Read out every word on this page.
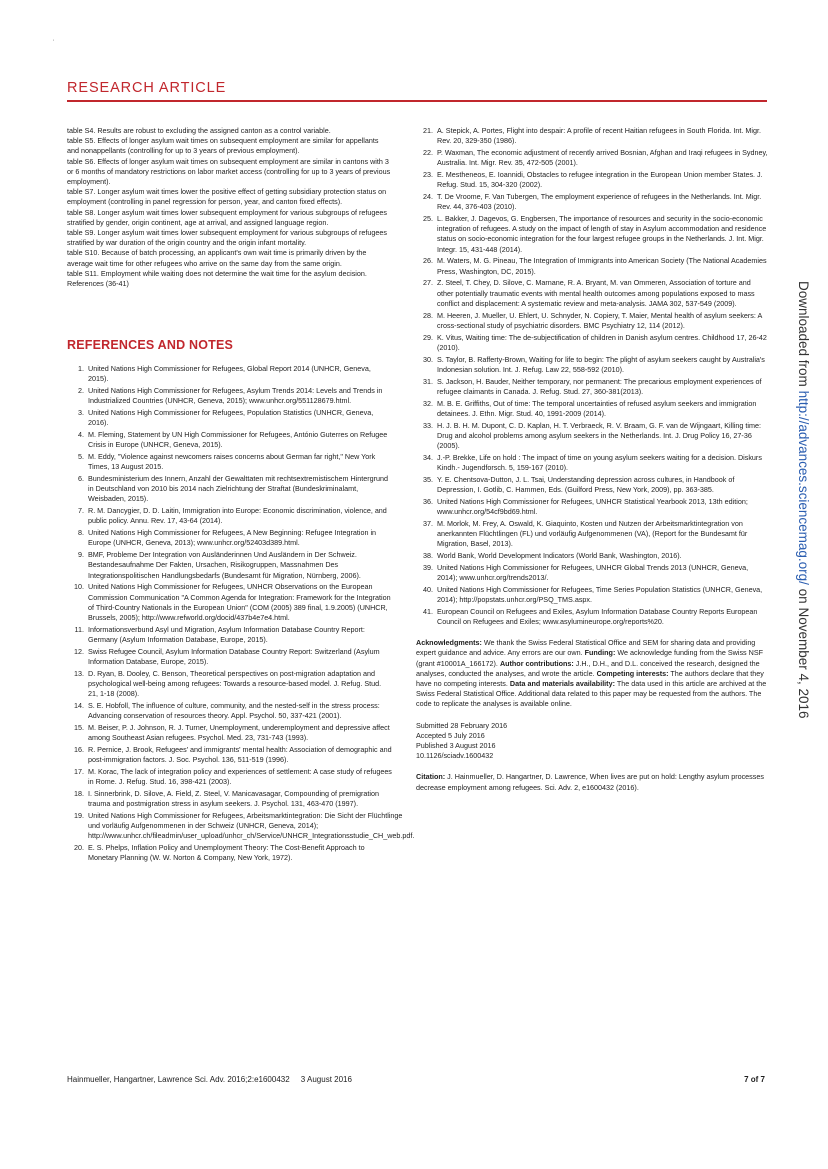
'
RESEARCH ARTICLE

table S4. Results are robust to excluding the assigned canton as a control variable.

table S5. Effects of longer asylum wait times on subsequent employment are similar for appellants and nonappellants (controlling for up to 3 years of previous employment).

table S6. Effects of longer asylum wait times on subsequent employment are similar in cantons with 3 or 6 months of mandatory restrictions on labor market access (controlling for up to 3 years of previous employment).

table S7. Longer asylum wait times lower the positive effect of getting subsidiary protection status on employment (controlling in panel regression for person, year, and canton fixed effects).

table S8. Longer asylum wait times lower subsequent employment for various subgroups of refugees stratified by gender, origin continent, age at arrival, and assigned language region.

table S9. Longer asylum wait times lower subsequent employment for various subgroups of refugees stratified by war duration of the origin country and the origin infant mortality.

table S10. Because of batch processing, an applicant's own wait time is primarily driven by the average wait time for other refugees who arrive on the same day from the same origin.

table S11. Employment while waiting does not determine the wait time for the asylum decision.

References (36-41)

REFERENCES AND NOTES
1. United Nations High Commissioner for Refugees, Global Report 2014 (UNHCR, Geneva, 2015).
2. United Nations High Commissioner for Refugees, Asylum Trends 2014: Levels and Trends in Industrialized Countries (UNHCR, Geneva, 2015); www.unhcr.org/551128679.html.
3. United Nations High Commissioner for Refugees, Population Statistics (UNHCR, Geneva, 2016).
4. M. Fleming, Statement by UN High Commissioner for Refugees, António Guterres on Refugee Crisis in Europe (UNHCR, Geneva, 2015).
5. M. Eddy, "Violence against newcomers raises concerns about German far right," New York Times, 13 August 2015.
6. Bundesministerium des Innern, Anzahl der Gewalttaten mit rechtsextremistischem Hintergrund in Deutschland von 2010 bis 2014 nach Zielrichtung der Straftat (Bundeskriminalamt, Weisbaden, 2015).
7. R. M. Dancygier, D. D. Laitin, Immigration into Europe: Economic discrimination, violence, and public policy. Annu. Rev. 17, 43-64 (2014).
8. United Nations High Commissioner for Refugees, A New Beginning: Refugee Integration in Europe (UNHCR, Geneva, 2013); www.unhcr.org/52403d389.html.
9. BMF, Probleme Der Integration von Ausländerinnen Und Ausländern in Der Schweiz. Bestandesaufnahme Der Fakten, Ursachen, Risikogruppen, Massnahmen Des Integrationspolitischen Handlungsbedarfs (Bundesamt für Migration, Nürnberg, 2006).
10. United Nations High Commissioner for Refugees, UNHCR Observations on the European Commission Communication "A Common Agenda for Integration: Framework for the Integration of Third-Country Nationals in the European Union" (COM (2005) 389 final, 1.9.2005) (UNHCR, Brussels, 2005); http://www.refworld.org/docid/437b4e7e4.html.
11. Informationsverbund Asyl und Migration, Asylum Information Database Country Report: Germany (Asylum Information Database, Europe, 2015).
12. Swiss Refugee Council, Asylum Information Database Country Report: Switzerland (Asylum Information Database, Europe, 2015).
13. D. Ryan, B. Dooley, C. Benson, Theoretical perspectives on post-migration adaptation and psychological well-being among refugees: Towards a resource-based model. J. Refug. Stud. 21, 1-18 (2008).
14. S. E. Hobfoll, The influence of culture, community, and the nested-self in the stress process: Advancing conservation of resources theory. Appl. Psychol. 50, 337-421 (2001).
15. M. Beiser, P. J. Johnson, R. J. Turner, Unemployment, underemployment and depressive affect among Southeast Asian refugees. Psychol. Med. 23, 731-743 (1993).
16. R. Pernice, J. Brook, Refugees' and immigrants' mental health: Association of demographic and post-immigration factors. J. Soc. Psychol. 136, 511-519 (1996).
17. M. Korac, The lack of integration policy and experiences of settlement: A case study of refugees in Rome. J. Refug. Stud. 16, 398-421 (2003).
18. I. Sinnerbrink, D. Silove, A. Field, Z. Steel, V. Manicavasagar, Compounding of premigration trauma and postmigration stress in asylum seekers. J. Psychol. 131, 463-470 (1997).
19. United Nations High Commissioner for Refugees, Arbeitsmarktintegration: Die Sicht der Flüchtlinge und vorläufig Aufgenommenen in der Schweiz (UNHCR, Geneva, 2014); http://www.unhcr.ch/fileadmin/user_upload/unhcr_ch/Service/UNHCR_Integrationsstudie_CH_web.pdf.
20. E. S. Phelps, Inflation Policy and Unemployment Theory: The Cost-Benefit Approach to Monetary Planning (W. W. Norton & Company, New York, 1972).
21. A. Stepick, A. Portes, Flight into despair: A profile of recent Haitian refugees in South Florida. Int. Migr. Rev. 20, 329-350 (1986).
22. P. Waxman, The economic adjustment of recently arrived Bosnian, Afghan and Iraqi refugees in Sydney, Australia. Int. Migr. Rev. 35, 472-505 (2001).
23. E. Mestheneos, E. Ioannidi, Obstacles to refugee integration in the European Union member States. J. Refug. Stud. 15, 304-320 (2002).
24. T. De Vroome, F. Van Tubergen, The employment experience of refugees in the Netherlands. Int. Migr. Rev. 44, 376-403 (2010).
25. L. Bakker, J. Dagevos, G. Engbersen, The importance of resources and security in the socio-economic integration of refugees. A study on the impact of length of stay in Asylum accommodation and residence status on socio-economic integration for the four largest refugee groups in the Netherlands. J. Int. Migr. Integr. 15, 431-448 (2014).
26. M. Waters, M. G. Pineau, The Integration of Immigrants into American Society (The National Academies Press, Washington, DC, 2015).
27. Z. Steel, T. Chey, D. Silove, C. Marnane, R. A. Bryant, M. van Ommeren, Association of torture and other potentially traumatic events with mental health outcomes among populations exposed to mass conflict and displacement: A systematic review and meta-analysis. JAMA 302, 537-549 (2009).
28. M. Heeren, J. Mueller, U. Ehlert, U. Schnyder, N. Copiery, T. Maier, Mental health of asylum seekers: A cross-sectional study of psychiatric disorders. BMC Psychiatry 12, 114 (2012).
29. K. Vitus, Waiting time: The de-subjectification of children in Danish asylum centres. Childhood 17, 26-42 (2010).
30. S. Taylor, B. Rafferty-Brown, Waiting for life to begin: The plight of asylum seekers caught by Australia's Indonesian solution. Int. J. Refug. Law 22, 558-592 (2010).
31. S. Jackson, H. Bauder, Neither temporary, nor permanent: The precarious employment experiences of refugee claimants in Canada. J. Refug. Stud. 27, 360-381(2013).
32. M. B. E. Griffiths, Out of time: The temporal uncertainties of refused asylum seekers and immigration detainees. J. Ethn. Migr. Stud. 40, 1991-2009 (2014).
33. H. J. B. H. M. Dupont, C. D. Kaplan, H. T. Verbraeck, R. V. Braam, G. F. van de Wijngaart, Killing time: Drug and alcohol problems among asylum seekers in the Netherlands. Int. J. Drug Policy 16, 27-36 (2005).
34. J.-P. Brekke, Life on hold : The impact of time on young asylum seekers waiting for a decision. Diskurs Kindh.- Jugendforsch. 5, 159-167 (2010).
35. Y. E. Chentsova-Dutton, J. L. Tsai, Understanding depression across cultures, in Handbook of Depression, I. Gotlib, C. Hammen, Eds. (Guilford Press, New York, 2009), pp. 363-385.
36. United Nations High Commissioner for Refugees, UNHCR Statistical Yearbook 2013, 13th edition; www.unhcr.org/54cf9bd69.html.
37. M. Morlok, M. Frey, A. Oswald, K. Giaquinto, Kosten und Nutzen der Arbeitsmarktintegration von anerkannten Flüchtlingen (FL) und vorläufig Aufgenommenen (VA), (Report for the Bundesamt für Migration, Basel, 2013).
38. World Bank, World Development Indicators (World Bank, Washington, 2016).
39. United Nations High Commissioner for Refugees, UNHCR Global Trends 2013 (UNHCR, Geneva, 2014); www.unhcr.org/trends2013/.
40. United Nations High Commissioner for Refugees, Time Series Population Statistics (UNHCR, Geneva, 2014); http://popstats.unhcr.org/PSQ_TMS.aspx.
41. European Council on Refugees and Exiles, Asylum Information Database Country Reports European Council on Refugees and Exiles; www.asylumineurope.org/reports%20.

Acknowledgments: We thank the Swiss Federal Statistical Office and SEM for sharing data and providing expert guidance and advice. Any errors are our own. Funding: We acknowledge funding from the Swiss NSF (grant #10001A_166172). Author contributions: J.H., D.H., and D.L. conceived the research, designed the analyses, conducted the analyses, and wrote the article. Competing interests: The authors declare that they have no competing interests. Data and materials availability: The data used in this article are archived at the Swiss Federal Statistical Office. Additional data related to this paper may be requested from the authors. The code to replicate the analyses is available online.

Submitted 28 February 2016

Accepted 5 July 2016

Published 3 August 2016

10.1126/sciadv.1600432

Citation: J. Hainmueller, D. Hangartner, D. Lawrence, When lives are put on hold: Lengthy asylum processes decrease employment among refugees. Sci. Adv. 2, e1600432 (2016).

Hainmueller, Hangartner, Lawrence Sci. Adv. 2016;2:e1600432     3 August 2016	7 of 7
Downloaded from http://advances.sciencemag.org/ on November 4, 2016
